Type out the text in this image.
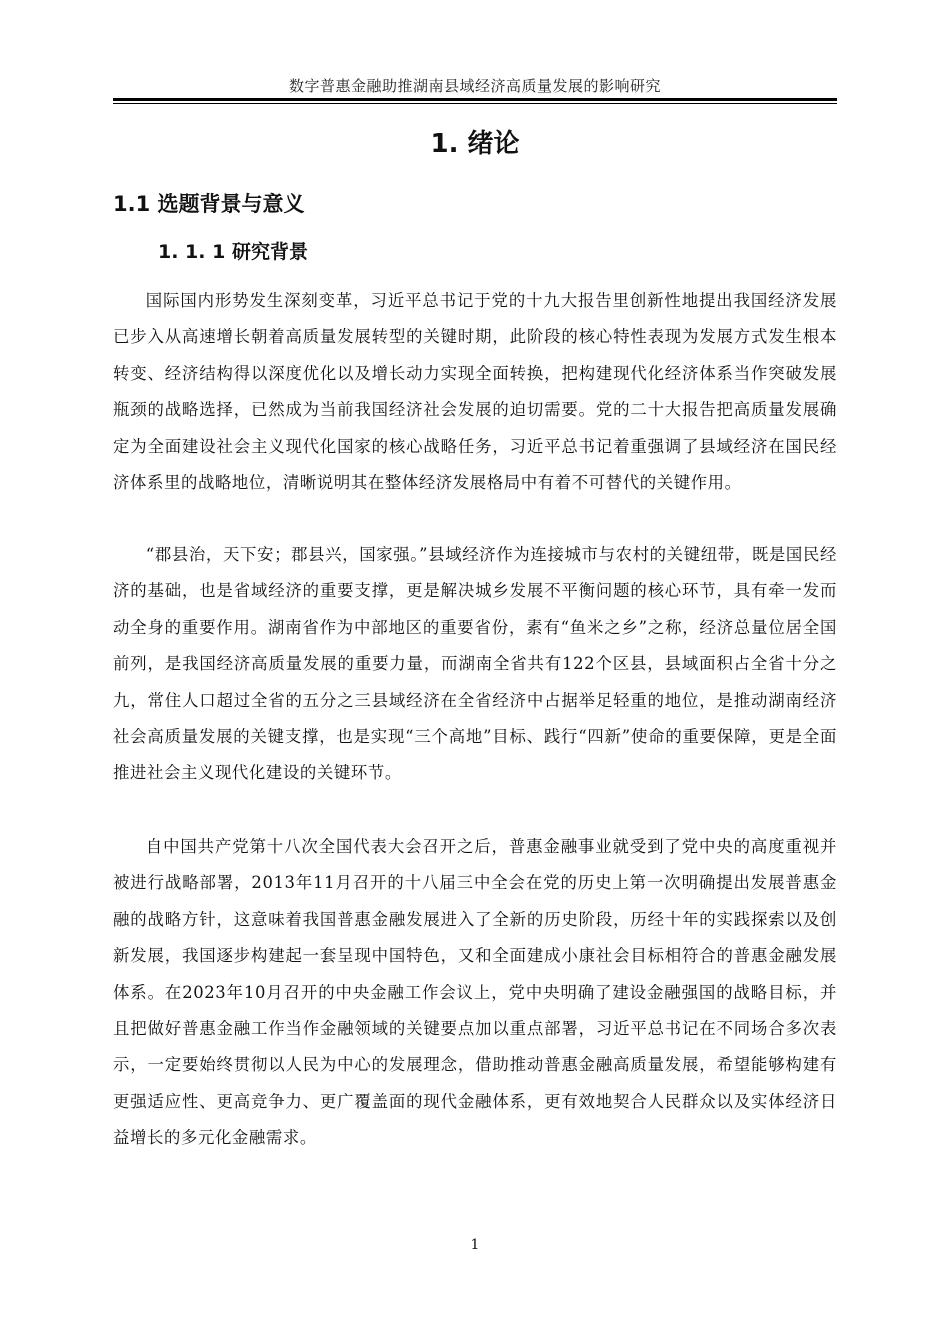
数字普惠金融助推湖南县域经济高质量发展的影响研究
1. 绪论
1.1 选题背景与意义
1. 1. 1 研究背景

国际国内形势发生深刻变革，习近平总书记于党的十九大报告里创新性地提出我国经济发展已步入从高速增长朝着高质量发展转型的关键时期，此阶段的核心特性表现为发展方式发生根本转变、经济结构得以深度优化以及增长动力实现全面转换，把构建现代化经济体系当作突破发展瓶颈的战略选择，已然成为当前我国经济社会发展的迫切需要。党的二十大报告把高质量发展确定为全面建设社会主义现代化国家的核心战略任务，习近平总书记着重强调了县域经济在国民经济体系里的战略地位，清晰说明其在整体经济发展格局中有着不可替代的关键作用。

“郡县治，天下安；郡县兴，国家强。”县域经济作为连接城市与农村的关键纽带，既是国民经济的基础，也是省域经济的重要支撑，更是解决城乡发展不平衡问题的核心环节，具有牵一发而动全身的重要作用。湖南省作为中部地区的重要省份，素有“鱼米之乡”之称，经济总量位居全国前列，是我国经济高质量发展的重要力量，而湖南全省共有122个区县，县域面积占全省十分之九，常住人口超过全省的五分之三县域经济在全省经济中占据举足轻重的地位，是推动湖南经济社会高质量发展的关键支撑，也是实现“三个高地”目标、践行“四新”使命的重要保障，更是全面推进社会主义现代化建设的关键环节。

自中国共产党第十八次全国代表大会召开之后，普惠金融事业就受到了党中央的高度重视并被进行战略部署，2013年11月召开的十八届三中全会在党的历史上第一次明确提出发展普惠金融的战略方针，这意味着我国普惠金融发展进入了全新的历史阶段，历经十年的实践探索以及创新发展，我国逐步构建起一套呈现中国特色，又和全面建成小康社会目标相符合的普惠金融发展体系。在2023年10月召开的中央金融工作会议上，党中央明确了建设金融强国的战略目标，并且把做好普惠金融工作当作金融领域的关键要点加以重点部署，习近平总书记在不同场合多次表示，一定要始终贯彻以人民为中心的发展理念，借助推动普惠金融高质量发展，希望能够构建有更强适应性、更高竞争力、更广覆盖面的现代金融体系，更有效地契合人民群众以及实体经济日益增长的多元化金融需求。

1
